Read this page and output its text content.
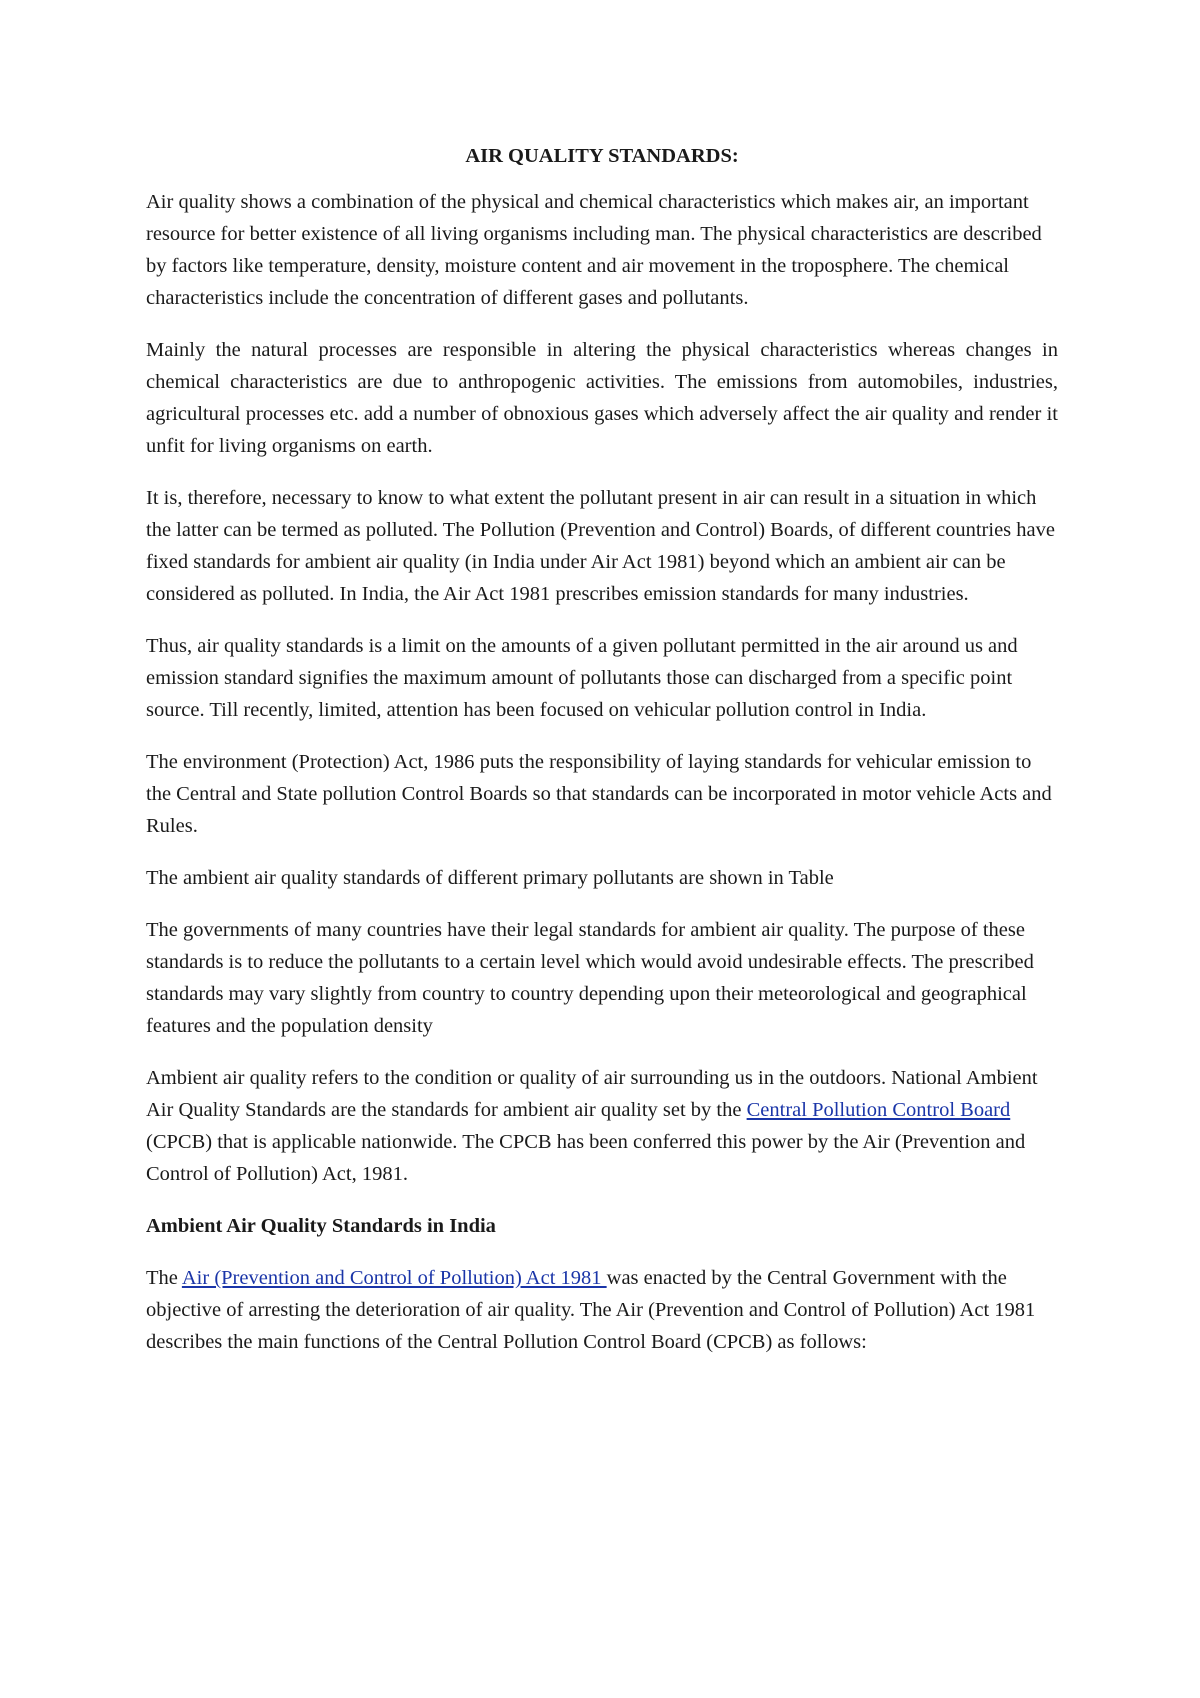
AIR QUALITY STANDARDS:

Air quality shows a combination of the physical and chemical characteristics which makes air, an important resource for better existence of all living organisms including man. The physical characteristics are described by factors like temperature, density, moisture content and air movement in the troposphere. The chemical characteristics include the concentration of different gases and pollutants.

Mainly the natural processes are responsible in altering the physical characteristics whereas changes in chemical characteristics are due to anthropogenic activities. The emissions from automobiles, industries, agricultural processes etc. add a number of obnoxious gases which adversely affect the air quality and render it unfit for living organisms on earth.

It is, therefore, necessary to know to what extent the pollutant present in air can result in a situation in which the latter can be termed as polluted. The Pollution (Prevention and Control) Boards, of different countries have fixed standards for ambient air quality (in India under Air Act 1981) beyond which an ambient air can be considered as polluted. In India, the Air Act 1981 prescribes emission standards for many industries.

Thus, air quality standards is a limit on the amounts of a given pollutant permitted in the air around us and emission standard signifies the maximum amount of pollutants those can discharged from a specific point source. Till recently, limited, attention has been focused on vehicular pollution control in India.

The environment (Protection) Act, 1986 puts the responsibility of laying standards for vehicular emission to the Central and State pollution Control Boards so that standards can be incorporated in motor vehicle Acts and Rules.

The ambient air quality standards of different primary pollutants are shown in Table

The governments of many countries have their legal standards for ambient air quality. The purpose of these standards is to reduce the pollutants to a certain level which would avoid undesirable effects. The prescribed standards may vary slightly from country to country depending upon their meteorological and geographical features and the population density

Ambient air quality refers to the condition or quality of air surrounding us in the outdoors. National Ambient Air Quality Standards are the standards for ambient air quality set by the Central Pollution Control Board (CPCB) that is applicable nationwide. The CPCB has been conferred this power by the Air (Prevention and Control of Pollution) Act, 1981.

Ambient Air Quality Standards in India

The Air (Prevention and Control of Pollution) Act 1981 was enacted by the Central Government with the objective of arresting the deterioration of air quality. The Air (Prevention and Control of Pollution) Act 1981 describes the main functions of the Central Pollution Control Board (CPCB) as follows:
